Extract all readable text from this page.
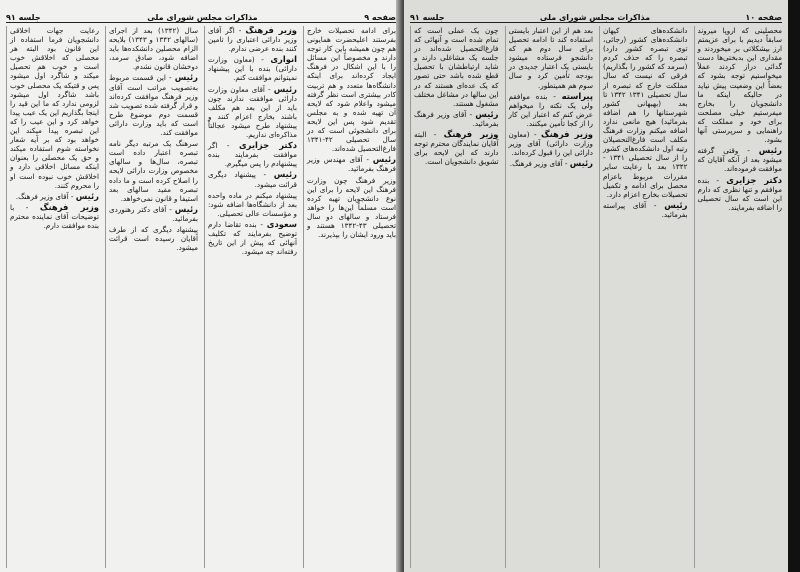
صفحه ۹
مذاکرات مجلس شورای ملی
جلسه ۹۱

برای ادامه تحصیلات خارج بفرستند اعلیحضرت همایونی هم چون همیشه باین کار توجه دارند و مخصوصاً این مسائل را با این اشکال در فرهنگ ایجاد کرده‌اند برای اینکه دانشگاه‌ها متعدد و هم تربیت کادر بیشتری است نظر گرفته میشود واعلام شود که لایحه آن تهیه شده و به مجلس تقدیم شود پس این لایحه برای دانشجوئی است که در سال تحصیلی ۴۲-۱۳۴۱ فارغ‌التحصیل شده‌اند.

رئیس - آقای مهندس وزیر فرهنگ بفرمائید.

وزیر فرهنگ چون وزارت فرهنگ این لایحه را برای این نوع دانشجویان تهیه کرده است مسلماً این‌ها را خواهد فرستاد و سالهای دو سال تحصیلی ۴۳-۱۳۴۲ هستند و باید ورود ایشان را بپذیرند.

وزیر فرهنگ - اگر آقای وزیر دارائی اعتباری را تامین کنند بنده عرضی ندارم.

انواری - (معاون وزارت دارائی) بنده با این پیشنهاد نمیتوانم موافقت کنم.

رئیس - آقای معاون وزارت دارائی موافقت ندارند چون باید از این بعد هم مکلف باشند بخارج اعزام کنند و پیشنهاد طرح میشود عجالتاً مذاکره‌ای نداریم.

دکتر جزایری - اگر موافقت بفرمایند بنده پیشنهادم را پس میگیرم.

رئیس - پیشنهاد دیگری قرائت میشود.

پیشنهاد میکنم در ماده واحده بعد از دانشگاه‌ها اضافه شود: و مؤسسات عالی تحصیلی.

سعودی - بنده تقاضا دارم توضیح بفرمایند که تکلیف آنهائی که پیش از این تاریخ رفته‌اند چه میشود.

سال (۱۳۴۲) بعد از اجرای (سالهای ۱۳۴۲ و ۱۳۴۳) بلایحه الزام محصلین دانشکده‌ها باید اضافه شود، صادق سرمد، دوخشان قانون نشدم.

رئیس - این قسمت مربوط به‌تصویب مراتب است آقای وزیر فرهنگ موافقت کرده‌اند و قرار گرفته شده تصویب شد قسمت دوم موضوع طرح است که باید وزارت دارائی موافقت کند.

سرهنگ یک مرتبه دیگر نامه تبصره اعتبار داده است تبصره، سال‌ها و سالهای مخصوص وزارت دارائی لایحه را اصلاح کرده است و ما داده تبصره مفید سالهای بعد استیفا و قانون نمی‌خواهد.

رئیس - آقای دکتر رهنوردی بفرمائید.

پیشنهاد دیگری که از طرف آقایان رسیده است قرائت میشود.

رعایت جهات اخلاقی دانشجویان فرما استفاده از این قانون بود البته هر محصلی که اخلاقش خوب است و خوب هم تحصیل میکند و شاگرد اول میشود پس و قتیکه یک محصلی خوب باشد شاگرد اول میشود لزومی ندارد که ما این قید را اینجا بگذاریم این یک عیب پیدا خواهد کرد و این عیب را که این تبصره پیدا میکند این خواهد بود که بر آیه شعار نخواسته شوم استفاده میکند و حق یک محصلی را بعنوان اینکه مسائل اخلاقی دارد و اخلاقش خوب نبوده است او را محروم کنند.

رئیس - آقای وزیر فرهنگ.

وزیر فرهنگ - با توضیحات آقای نماینده محترم بنده موافقت دارم.

صفحه ۱۰
مذاکرات مجلس شورای ملی
جلسه ۹۱

محصلینی که اروپا میروند سابقاً دیدیم با برای عزیمتم ارز بیشکلاتی بر میخوردند و مقداری این بدبختی‌ها دست گدائی دراز کردند عملاً میخواستیم توجه بشود که بعضاً این وضعیت پیش نیاید در حالیکه اینکه ما دانشجویان را بخارج میفرستیم خیلی مصلحت برای خود و مملکت که راهنمایی و سرپرستی آنها بشود.

رئیس - وقتی گرفته میشود بعد از آنکه آقایان که موافقت فرموده‌اند.

دکتر جزایری - بنده موافقم و تنها نظری که دارم این است که سال تحصیلی را اضافه بفرمایند.

دانشکده‌های کیهان دانشکده‌های کشور (رجائی، توی تبصره کشور دارد) تبصره را که حذف کردم (سرمد که کشور را بگذاریم) فرقی که نیست که سال مملکت خارج که تبصره از سال تحصیلی ۱۳۴۱ ۱۳۴۲ تا بعد (بهبهانی کشور شهرستانها را هم اضافه بفرمائید) هیچ مانعی ندارد اضافه میکنم وزارت فرهنگ مکلف است فارغ‌التحصیلان رتبه اول دانشکده‌های کشور را از سال تحصیلی ۱۳۴۱ - ۱۳۴۲ بعد با رعایت سایر مقررات مربوط باعزام محصل برای ادامه و تکمیل تحصیلات بخارج اعزام دارد.

رئیس - آقای پیراسته بفرمائید.

بعد هم از این اعتبار بایستی استفاده کند تا ادامه تحصیل برای سال دوم هم که دانشجو فرستاده میشود بایستی یک اعتبار جدیدی در بودجه تأمین کرد و سال سوم هم همینطور.

پیراسته - بنده موافقم ولی یک نکته را میخواهم عرض کنم که اعتبار این کار را از کجا تأمین میکنند.

وزیر فرهنگ - (معاون وزارت دارائی) آقای وزیر دارائی این را قبول کرده‌اند.

رئیس - آقای وزیر فرهنگ.

چون یک عملی است که تمام شده است و آنهائی که فارغ‌التحصیل شده‌اند در جلسه یک مشاغلی دارند و شاید ارتباطشان با تحصیل قطع شده باشد حتی تصور که یک عده‌ای هستند که در این سالها در مشاغل مختلف مشغول هستند.

رئیس - آقای وزیر فرهنگ بفرمائید.

وزیر فرهنگ - البته آقایان نمایندگان محترم توجه دارند که این لایحه برای تشویق دانشجویان است.
